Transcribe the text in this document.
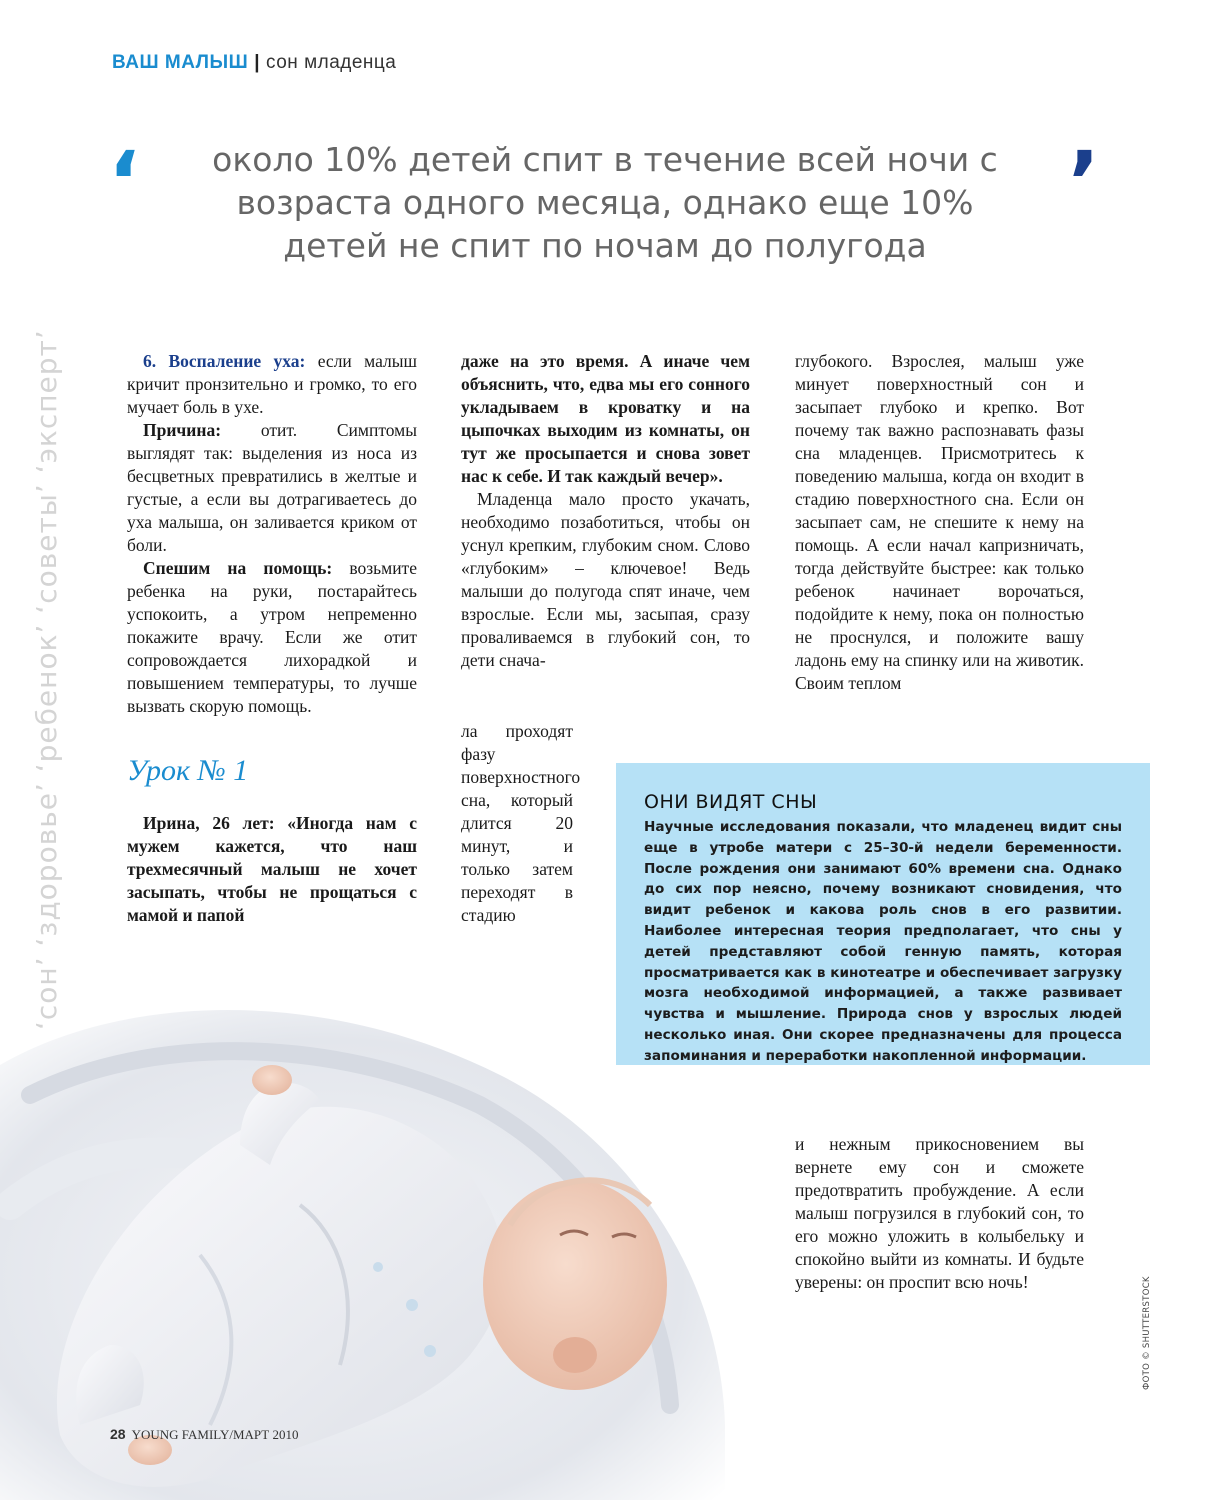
ВАШ МАЛЫШ | сон младенца
‘	’

около 10% детей спит в течение всей ночи с

возраста одного месяца, однако еще 10%

детей не спит по ночам до полугода

‘сон’ ‘здоровье’ ‘ребенок’ ‘советы’ ‘эксперт’	6. Воспаление уха: если малыш кричит пронзительно и громко, то его мучает боль в ухе.

Причина: отит. Симптомы выглядят так: выделения из носа из бесцветных превратились в желтые и густые, а если вы дотрагиваетесь до уха малыша, он заливается криком от боли.

Спешим на помощь: возьмите ребенка на руки, постарайтесь успокоить, а утром непременно покажите врачу. Если же отит сопровождается лихорадкой и повышением температуры, то лучше вызвать скорую помощь.

Урок № 1

Ирина, 26 лет: «Иногда нам с мужем кажется, что наш трехмесячный малыш не хочет засыпать, чтобы не прощаться с мамой и папой

даже на это время. А иначе чем объяснить, что, едва мы его сонного укладываем в кроватку и на цыпочках выходим из комнаты, он тут же просыпается и снова зовет нас к себе. И так каждый вечер».

Младенца мало просто укачать, необходимо позаботиться, чтобы он уснул крепким, глубоким сном. Слово «глубоким» – ключевое! Ведь малыши до полугода спят иначе, чем взрослые. Если мы, засыпая, сразу проваливаемся в глубокий сон, то дети снача-

ла проходят фазу поверхностного сна, который длится 20 минут, и только затем переходят в стадию

глубокого. Взрослея, малыш уже минует поверхностный сон и засыпает глубоко и крепко. Вот почему так важно распознавать фазы сна младенцев. Присмотритесь к поведению малыша, когда он входит в стадию поверхностного сна. Если он засыпает сам, не спешите к нему на помощь. А если начал капризничать, тогда действуйте быстрее: как только ребенок начинает ворочаться, подойдите к нему, пока он полностью не проснулся, и положите вашу ладонь ему на спинку или на животик. Своим теплом

и нежным прикосновением вы вернете ему сон и сможете предотвратить пробуждение. А если малыш погрузился в глубокий сон, то его можно уложить в колыбельку и спокойно выйти из комнаты. И будьте уверены: он проспит всю ночь!

ОНИ ВИДЯТ СНЫ
Научные исследования показали, что младенец видит сны еще в утробе матери с 25–30-й недели беременности. После рождения они занимают 60% времени сна. Однако до сих пор неясно, почему возникают сновидения, что видит ребенок и какова роль снов в его развитии. Наиболее интересная теория предполагает, что сны у детей представляют собой генную память, которая просматривается как в кинотеатре и обеспечивает загрузку мозга необходимой информацией, а также развивает чувства и мышление. Природа снов у взрослых людей несколько иная. Они скорее предназначены для процесса запоминания и переработки накопленной информации.
ФОТО © SHUTTERSTOCK
28 YOUNG FAMILY/МАРТ 2010
